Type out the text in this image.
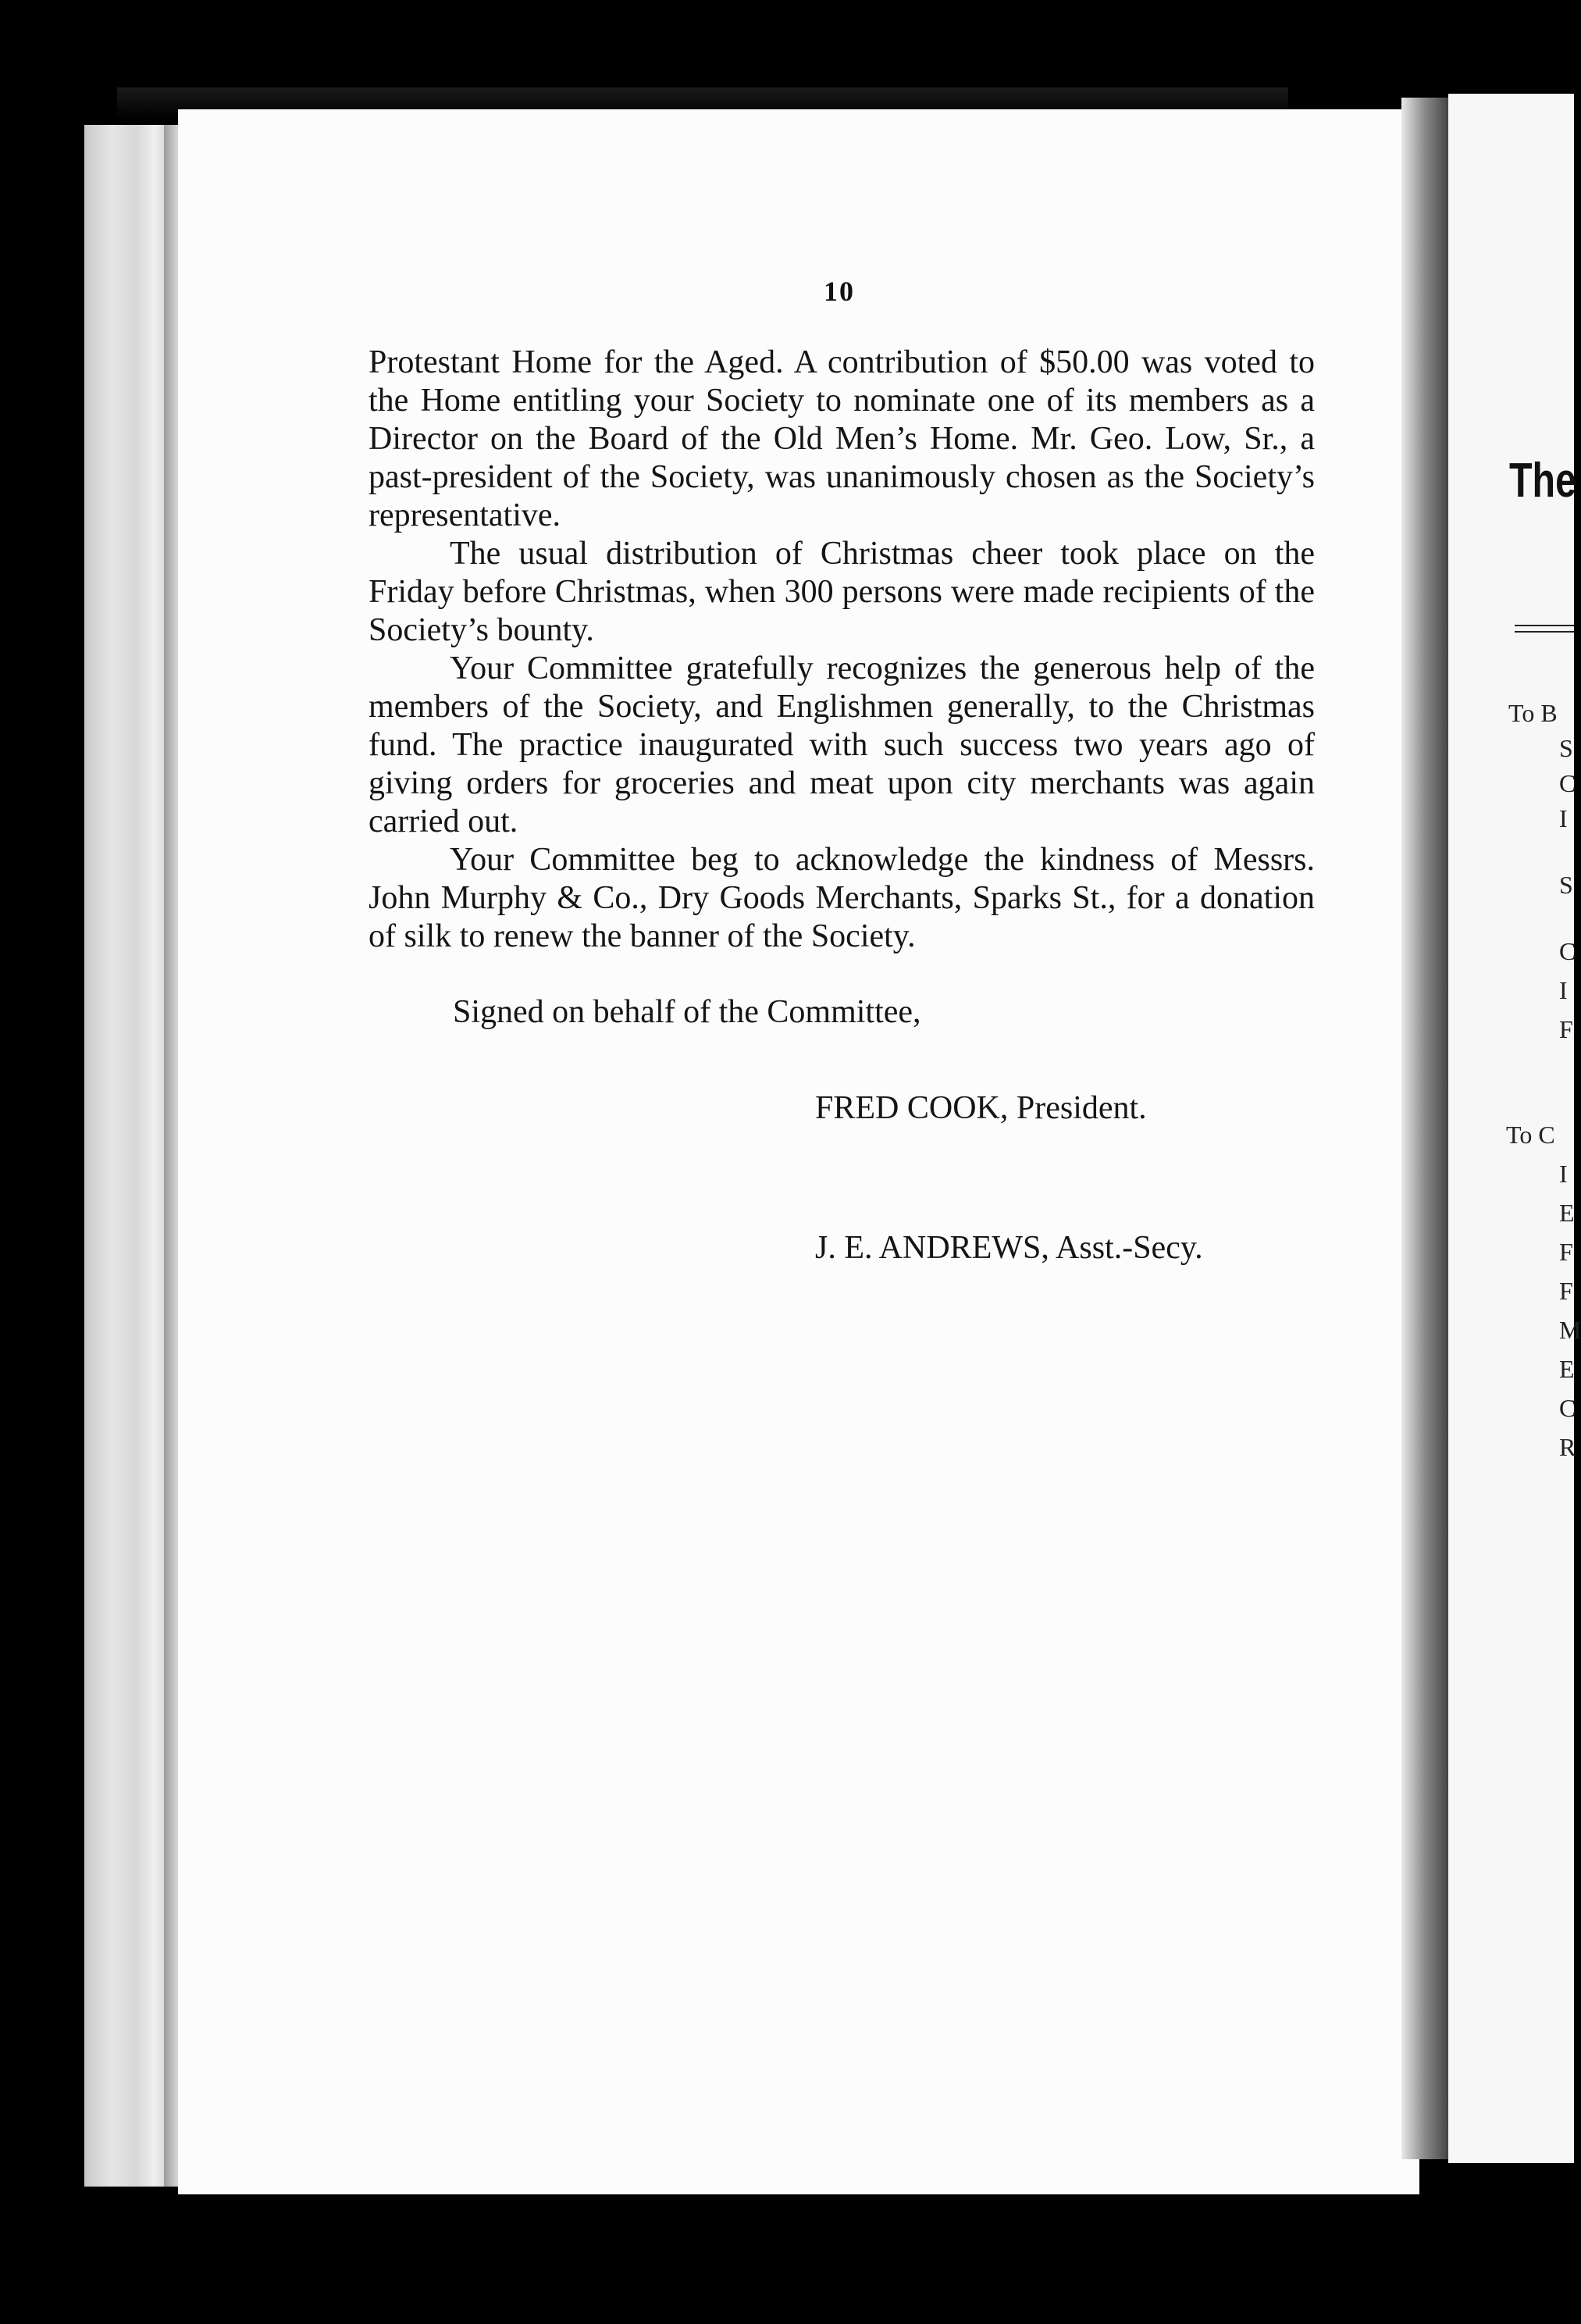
10

Protestant Home for the Aged. A contribution of $50.00 was voted to the Home entitling your Society to nominate one of its members as a Director on the Board of the Old Men’s Home. Mr. Geo. Low, Sr., a past-president of the Society, was unanimously chosen as the Society’s representative.

The usual distribution of Christmas cheer took place on the Friday before Christmas, when 300 persons were made recipients of the Society’s bounty.

Your Committee gratefully recognizes the generous help of the members of the Society, and Englishmen generally, to the Christmas fund. The practice inaugurated with such success two years ago of giving orders for groceries and meat upon city merchants was again carried out.

Your Committee beg to acknowledge the kindness of Messrs. John Murphy & Co., Dry Goods Merchants, Sparks St., for a donation of silk to renew the banner of the Society.

Signed on behalf of the Committee,
FRED COOK, President.
J. E. ANDREWS, Asst.-Secy.
The
To B
S
C
I
S
C
I
F
To C
I
E
F
F
M
E
C
R
